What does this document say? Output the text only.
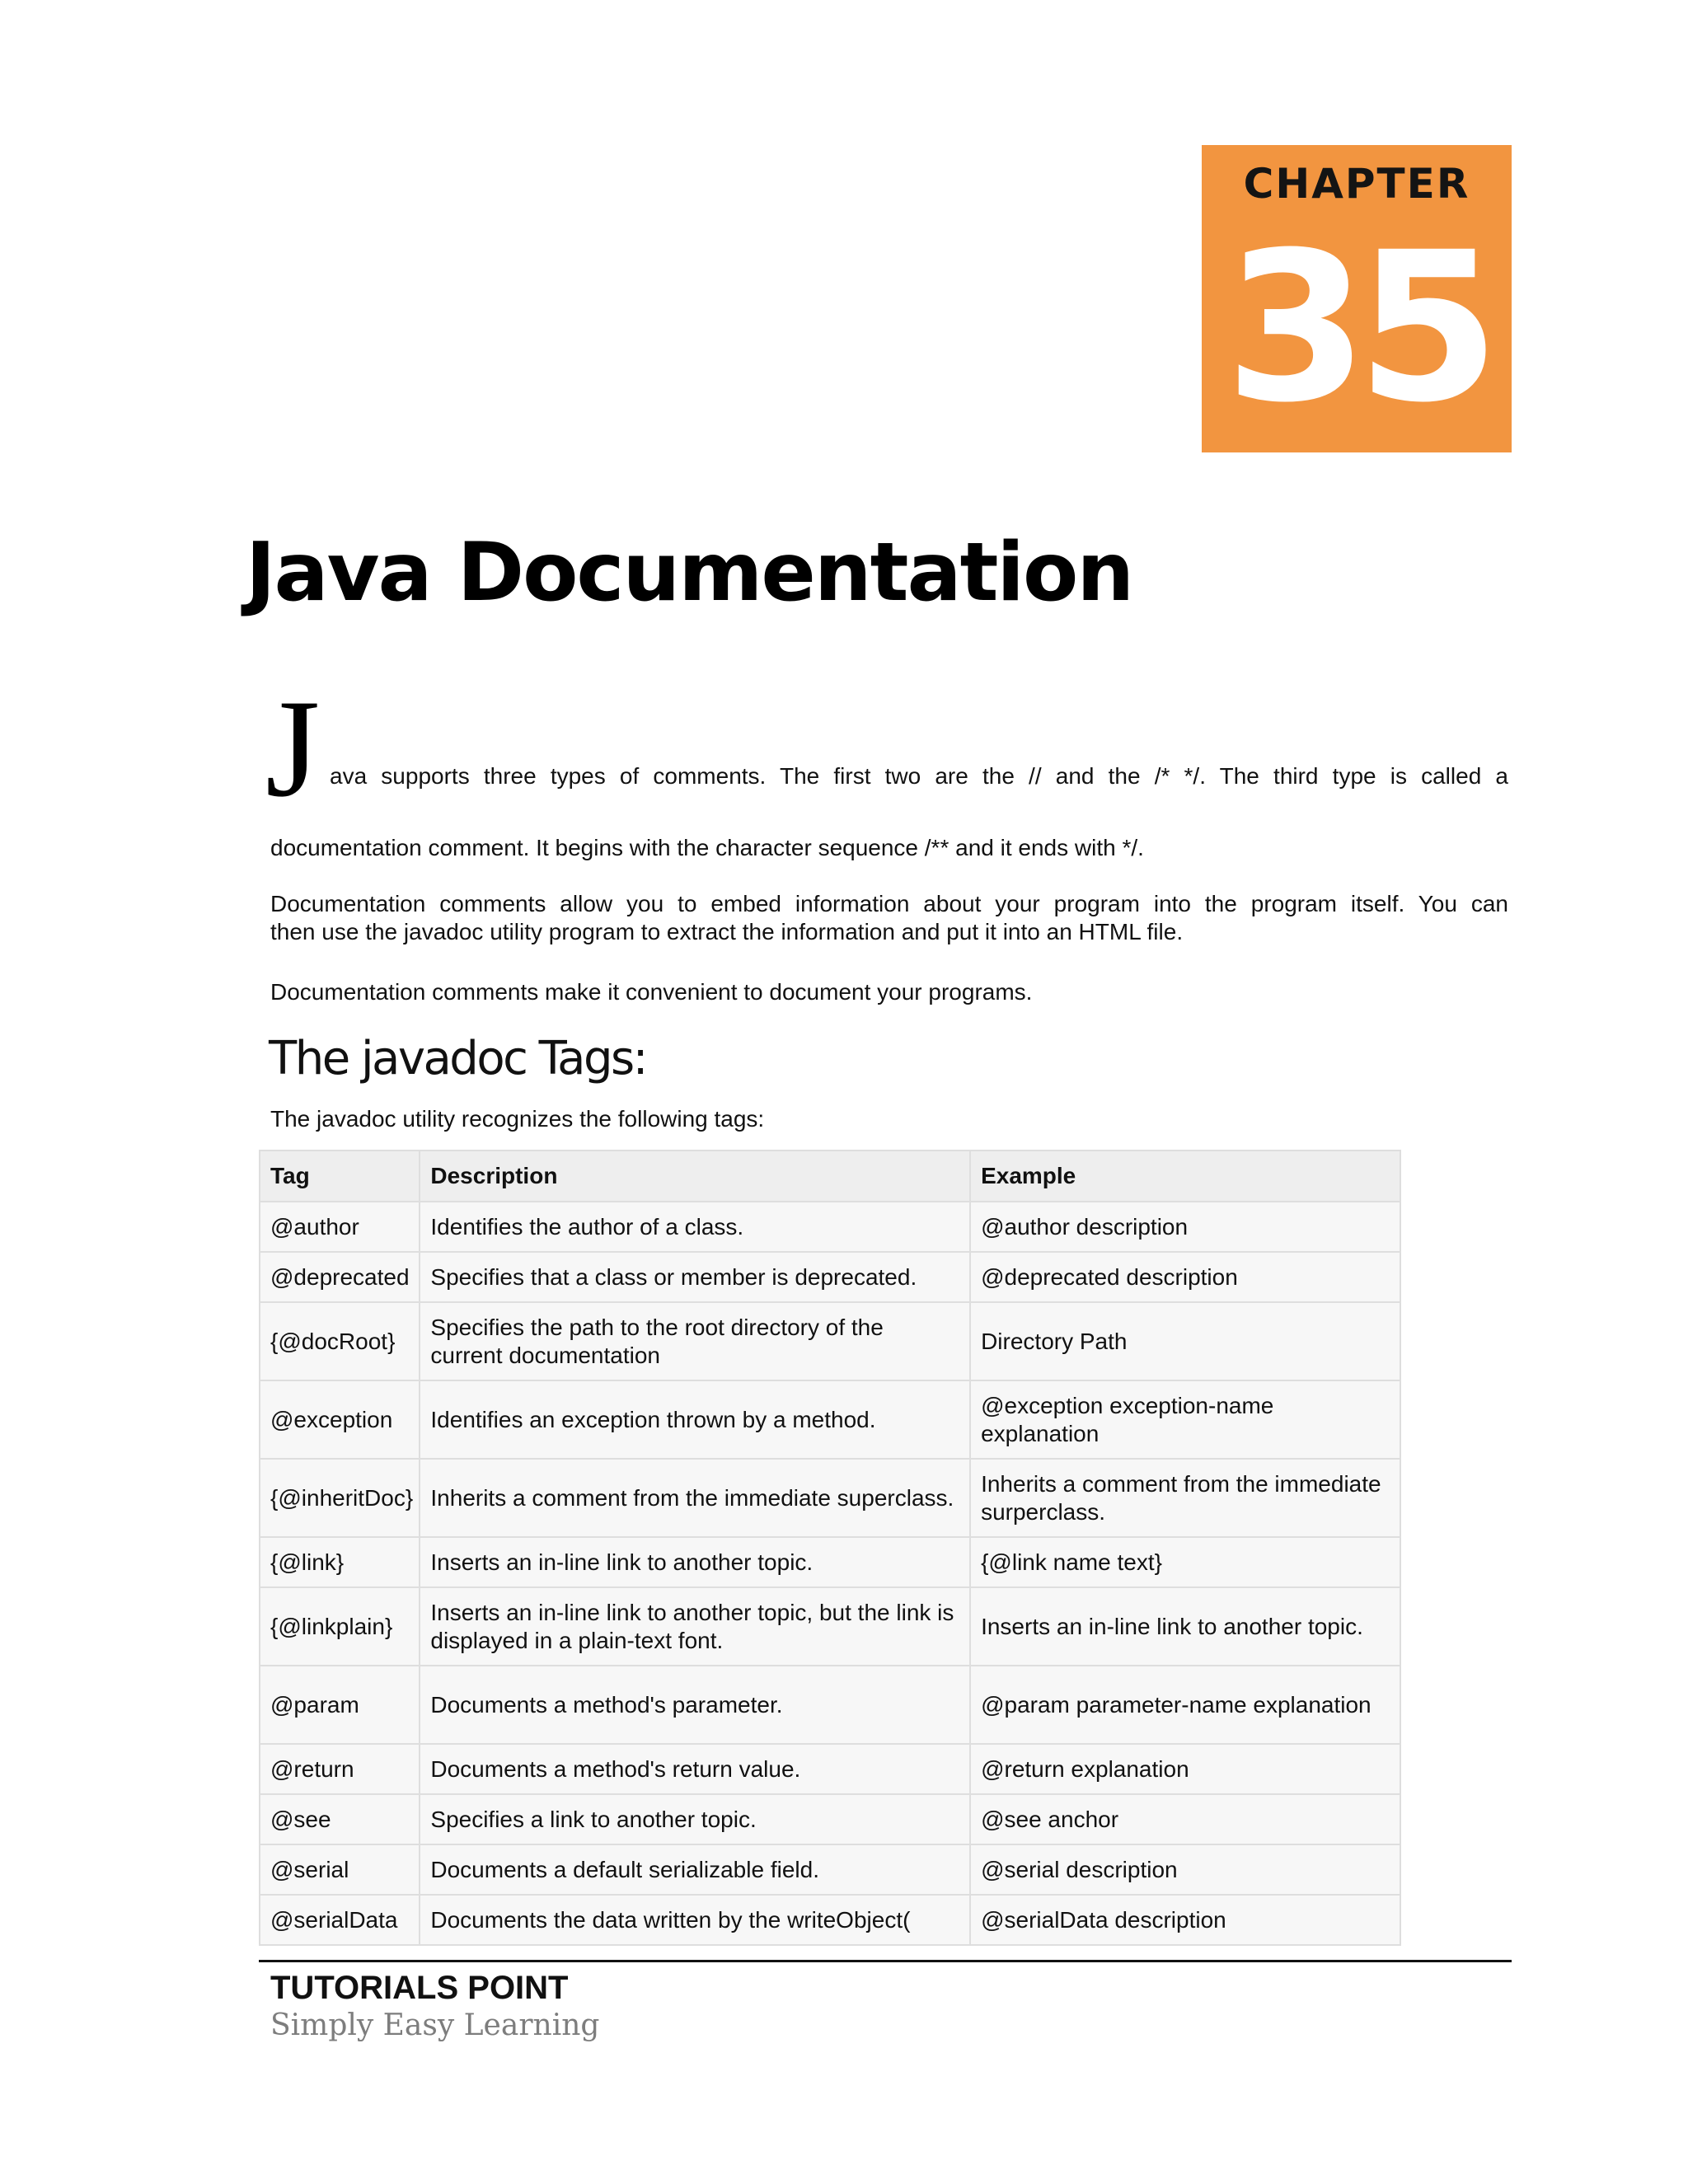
CHAPTER
35
Java Documentation
J ava supports three types of comments. The first two are the // and the /* */. The third type is called a
documentation comment. It begins with the character sequence /** and it ends with */.
Documentation comments allow you to embed information about your program into the program itself. You can
then use the javadoc utility program to extract the information and put it into an HTML file.
Documentation comments make it convenient to document your programs.
The javadoc Tags:
The javadoc utility recognizes the following tags:
Tag	Description	Example
@author	Identifies the author of a class.	@author description
@deprecated	Specifies that a class or member is deprecated.	@deprecated description
{@docRoot}	Specifies the path to the root directory of the current documentation	Directory Path
@exception	Identifies an exception thrown by a method.	@exception exception-name explanation
{@inheritDoc}	Inherits a comment from the immediate superclass.	Inherits a comment from the immediate surperclass.
{@link}	Inserts an in-line link to another topic.	{@link name text}
{@linkplain}	Inserts an in-line link to another topic, but the link is displayed in a plain-text font.	Inserts an in-line link to another topic.
@param	Documents a method's parameter.	@param parameter-name explanation
@return	Documents a method's return value.	@return explanation
@see	Specifies a link to another topic.	@see anchor
@serial	Documents a default serializable field.	@serial description
@serialData	Documents the data written by the writeObject(	@serialData description
TUTORIALS POINT
Simply Easy Learning
